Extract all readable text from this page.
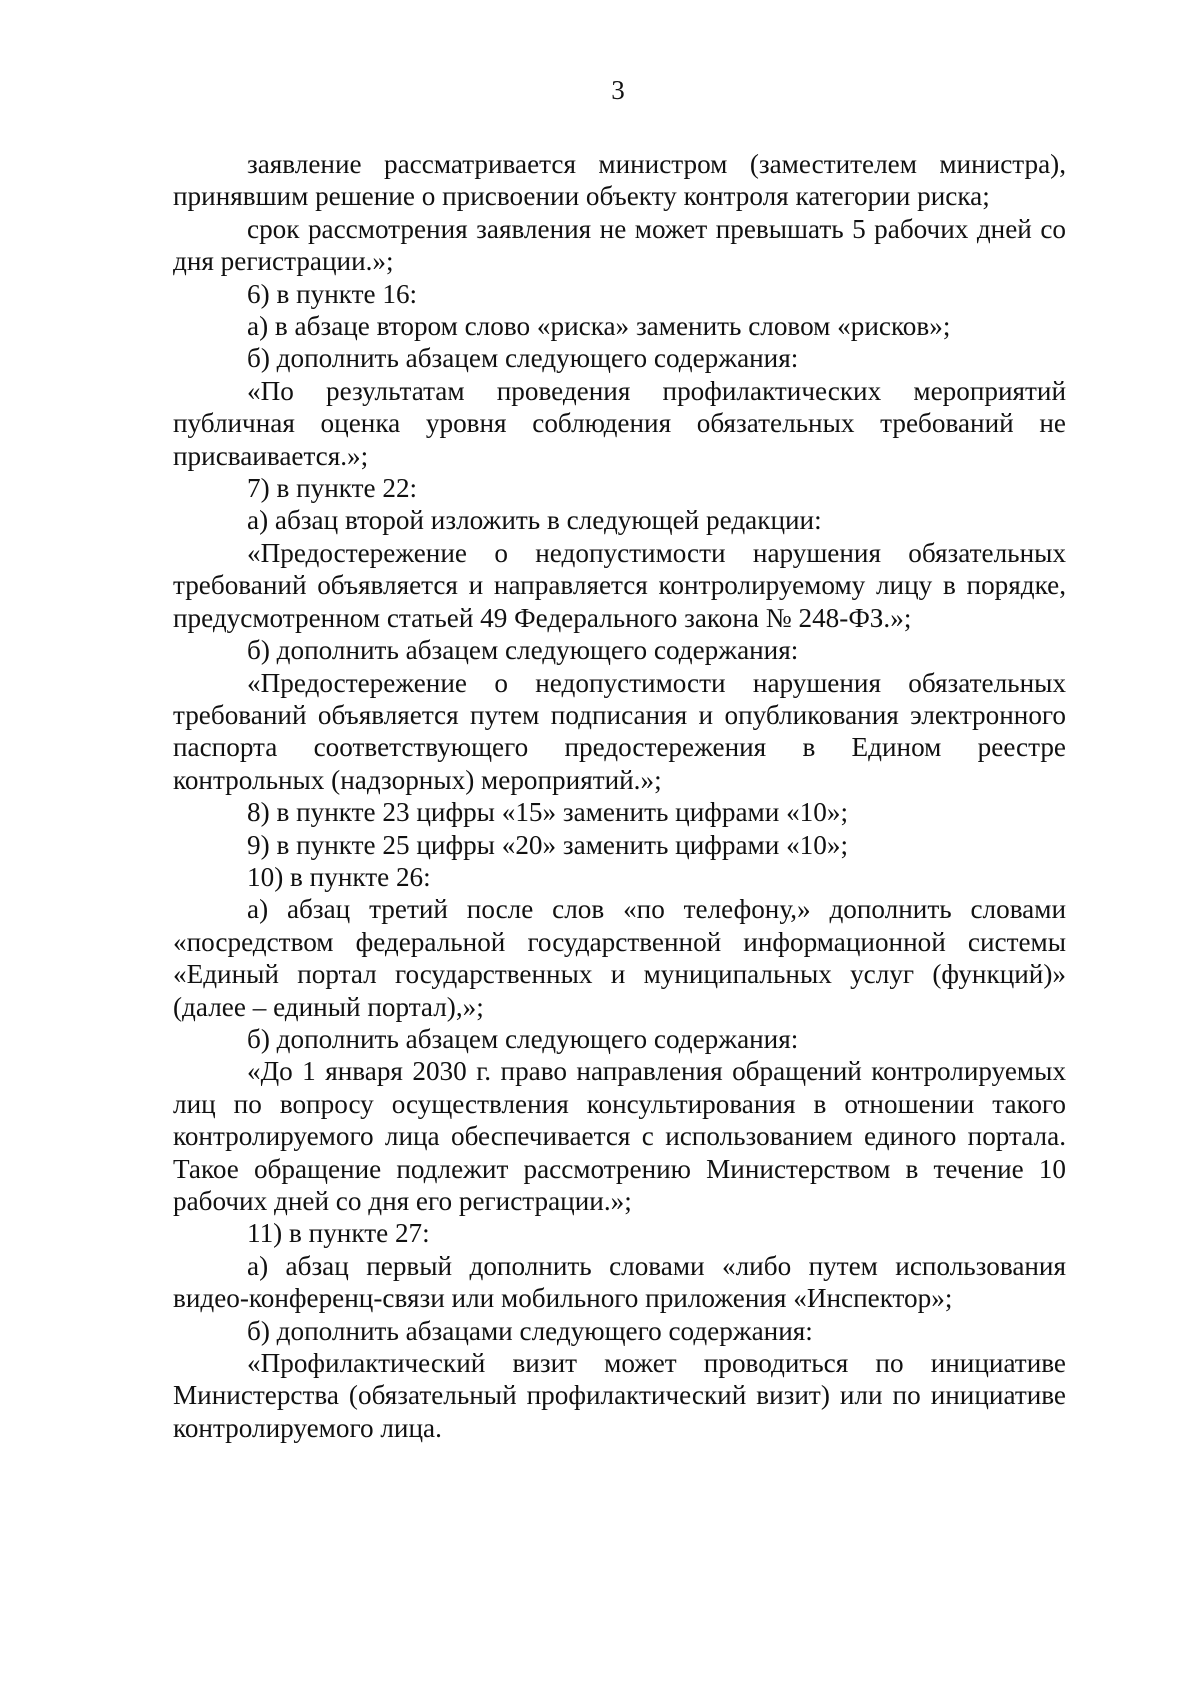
3

заявление рассматривается министром (заместителем министра), принявшим решение о присвоении объекту контроля категории риска;

срок рассмотрения заявления не может превышать 5 рабочих дней со дня регистрации.»;

6) в пункте 16:

а) в абзаце втором слово «риска» заменить словом «рисков»;

б) дополнить абзацем следующего содержания:

«По результатам проведения профилактических мероприятий публичная оценка уровня соблюдения обязательных требований не присваивается.»;

7) в пункте 22:

а) абзац второй изложить в следующей редакции:

«Предостережение о недопустимости нарушения обязательных требований объявляется и направляется контролируемому лицу в порядке, предусмотренном статьей 49 Федерального закона № 248-ФЗ.»;

б) дополнить абзацем следующего содержания:

«Предостережение о недопустимости нарушения обязательных требований объявляется путем подписания и опубликования электронного паспорта соответствующего предостережения в Едином реестре контрольных (надзорных) мероприятий.»;

8) в пункте 23 цифры «15» заменить цифрами «10»;

9) в пункте 25 цифры «20» заменить цифрами «10»;

10) в пункте 26:

а) абзац третий после слов «по телефону,» дополнить словами «посредством федеральной государственной информационной системы «Единый портал государственных и муниципальных услуг (функций)» (далее – единый портал),»;

б) дополнить абзацем следующего содержания:

«До 1 января 2030 г. право направления обращений контролируемых лиц по вопросу осуществления консультирования в отношении такого контролируемого лица обеспечивается с использованием единого портала. Такое обращение подлежит рассмотрению Министерством в течение 10 рабочих дней со дня его регистрации.»;

11) в пункте 27:

а) абзац первый дополнить словами «либо путем использования видео-конференц-связи или мобильного приложения «Инспектор»;

б) дополнить абзацами следующего содержания:

«Профилактический визит может проводиться по инициативе Министерства (обязательный профилактический визит) или по инициативе контролируемого лица.
